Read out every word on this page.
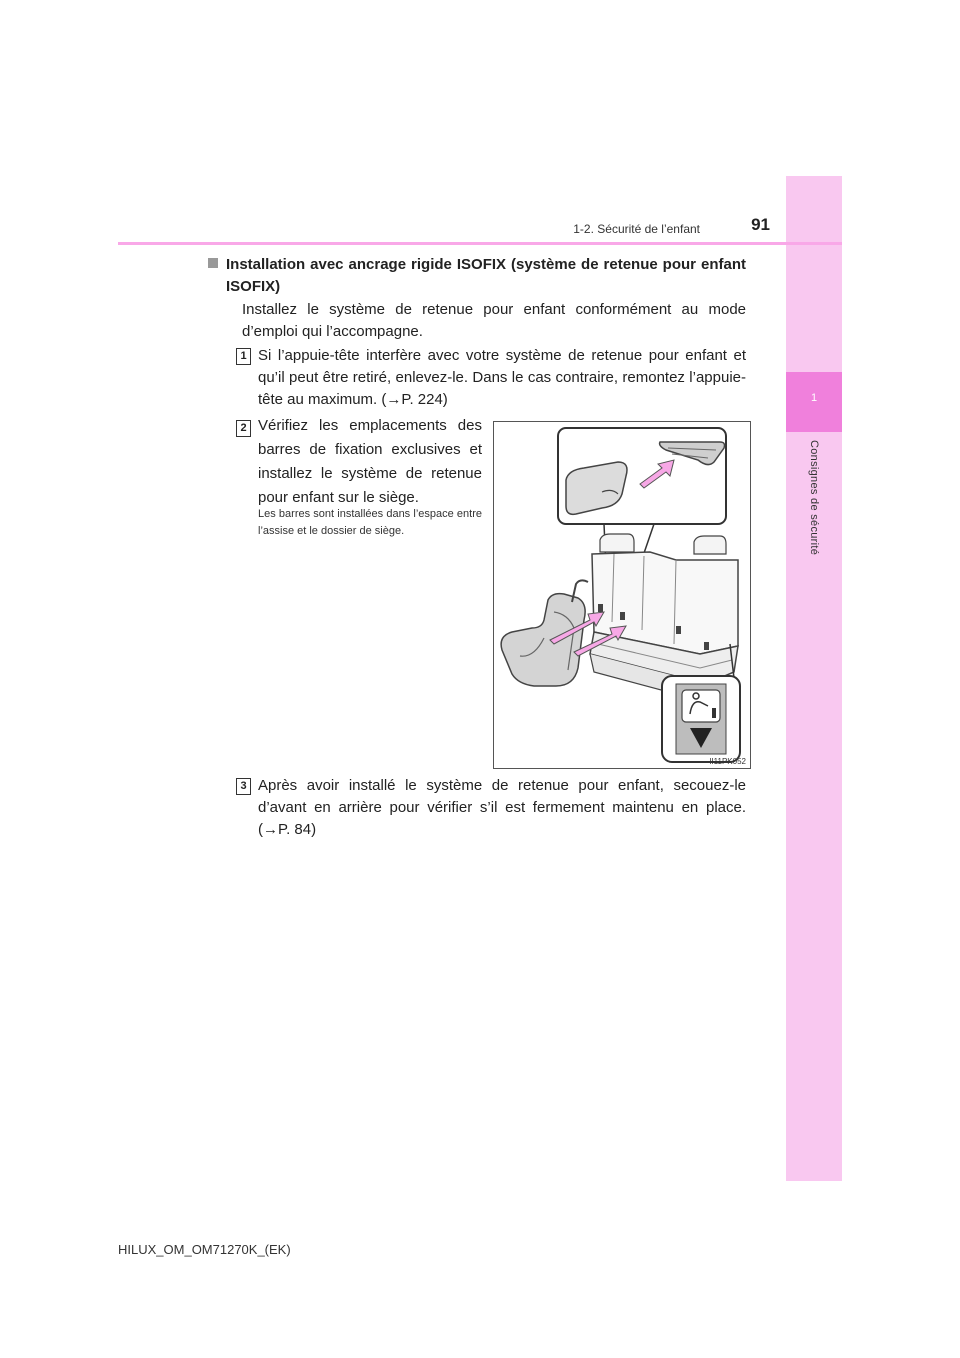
1
Consignes de sécurité
1-2. Sécurité de l’enfant	91
Installation avec ancrage rigide ISOFIX (système de retenue pour enfant ISOFIX)
Installez le système de retenue pour enfant conformément au mode d’emploi qui l’accompagne.
1 Si l’appuie-tête interfère avec votre système de retenue pour enfant et qu’il peut être retiré, enlevez-le. Dans le cas contraire, remontez l’appuie-tête au maximum. (→P. 224)
2 Vérifiez les emplacements des barres de fixation exclusives et installez le système de retenue pour enfant sur le siège.
Les barres sont installées dans l’espace entre l’assise et le dossier de siège.
II11PK052
3 Après avoir installé le système de retenue pour enfant, secouez-le d’avant en arrière pour vérifier s’il est fermement maintenu en place. (→P. 84)
HILUX_OM_OM71270K_(EK)
